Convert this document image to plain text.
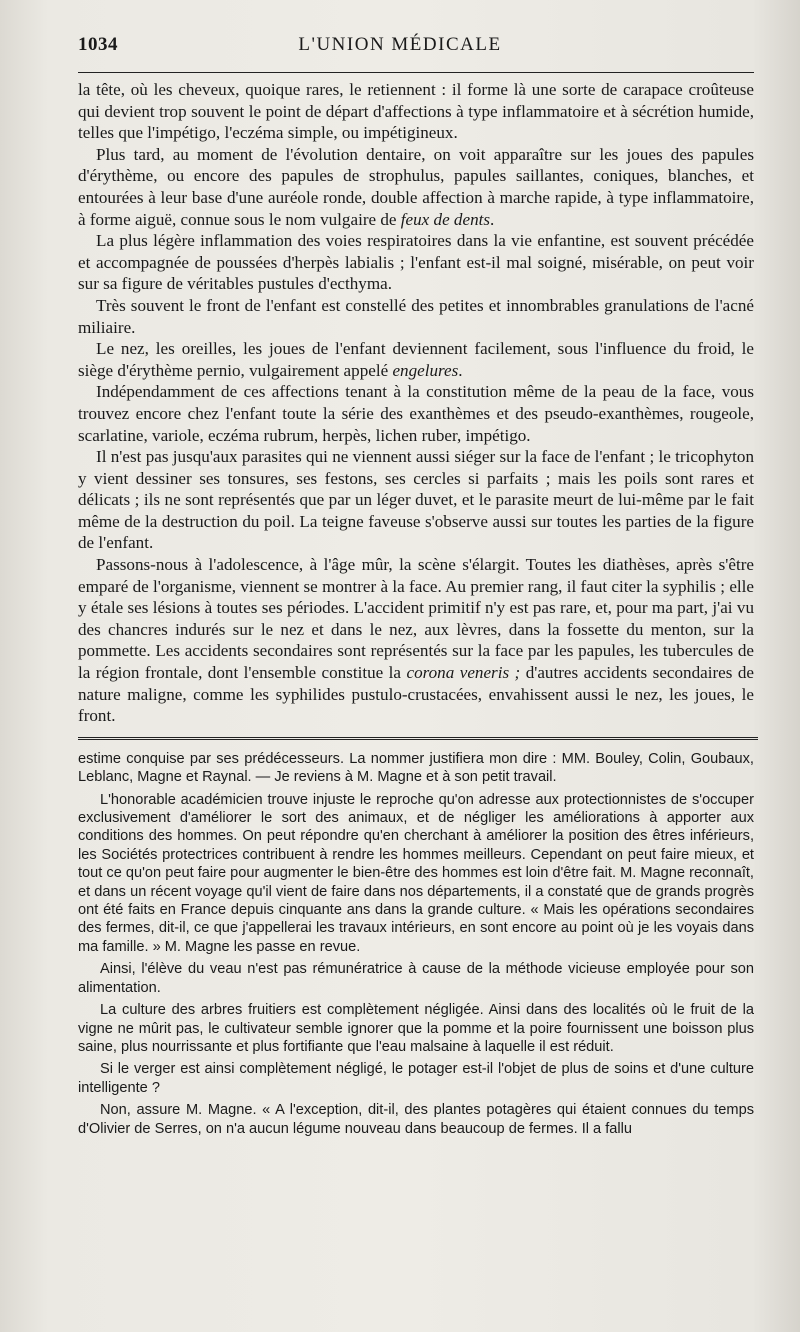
1034	L'UNION MÉDICALE

la tête, où les cheveux, quoique rares, le retiennent : il forme là une sorte de carapace croûteuse qui devient trop souvent le point de départ d'affections à type inflammatoire et à sécrétion humide, telles que l'impétigo, l'eczéma simple, ou impétigineux.

Plus tard, au moment de l'évolution dentaire, on voit apparaître sur les joues des papules d'érythème, ou encore des papules de strophulus, papules saillantes, coniques, blanches, et entourées à leur base d'une auréole ronde, double affection à marche rapide, à type inflammatoire, à forme aiguë, connue sous le nom vulgaire de feux de dents.

La plus légère inflammation des voies respiratoires dans la vie enfantine, est souvent précédée et accompagnée de poussées d'herpès labialis ; l'enfant est-il mal soigné, misérable, on peut voir sur sa figure de véritables pustules d'ecthyma.

Très souvent le front de l'enfant est constellé des petites et innombrables granulations de l'acné miliaire.

Le nez, les oreilles, les joues de l'enfant deviennent facilement, sous l'influence du froid, le siège d'érythème pernio, vulgairement appelé engelures.

Indépendamment de ces affections tenant à la constitution même de la peau de la face, vous trouvez encore chez l'enfant toute la série des exanthèmes et des pseudo-exanthèmes, rougeole, scarlatine, variole, eczéma rubrum, herpès, lichen ruber, impétigo.

Il n'est pas jusqu'aux parasites qui ne viennent aussi siéger sur la face de l'enfant ; le tricophyton y vient dessiner ses tonsures, ses festons, ses cercles si parfaits ; mais les poils sont rares et délicats ; ils ne sont représentés que par un léger duvet, et le parasite meurt de lui-même par le fait même de la destruction du poil. La teigne faveuse s'observe aussi sur toutes les parties de la figure de l'enfant.

Passons-nous à l'adolescence, à l'âge mûr, la scène s'élargit. Toutes les diathèses, après s'être emparé de l'organisme, viennent se montrer à la face. Au premier rang, il faut citer la syphilis ; elle y étale ses lésions à toutes ses périodes. L'accident primitif n'y est pas rare, et, pour ma part, j'ai vu des chancres indurés sur le nez et dans le nez, aux lèvres, dans la fossette du menton, sur la pommette. Les accidents secondaires sont représentés sur la face par les papules, les tubercules de la région frontale, dont l'ensemble constitue la corona veneris ; d'autres accidents secondaires de nature maligne, comme les syphilides pustulo-crustacées, envahissent aussi le nez, les joues, le front.

estime conquise par ses prédécesseurs. La nommer justifiera mon dire : MM. Bouley, Colin, Goubaux, Leblanc, Magne et Raynal. — Je reviens à M. Magne et à son petit travail.

L'honorable académicien trouve injuste le reproche qu'on adresse aux protectionnistes de s'occuper exclusivement d'améliorer le sort des animaux, et de négliger les améliorations à apporter aux conditions des hommes. On peut répondre qu'en cherchant à améliorer la position des êtres inférieurs, les Sociétés protectrices contribuent à rendre les hommes meilleurs. Cependant on peut faire mieux, et tout ce qu'on peut faire pour augmenter le bien-être des hommes est loin d'être fait. M. Magne reconnaît, et dans un récent voyage qu'il vient de faire dans nos départements, il a constaté que de grands progrès ont été faits en France depuis cinquante ans dans la grande culture. « Mais les opérations secondaires des fermes, dit-il, ce que j'appellerai les travaux intérieurs, en sont encore au point où je les voyais dans ma famille. » M. Magne les passe en revue.

Ainsi, l'élève du veau n'est pas rémunératrice à cause de la méthode vicieuse employée pour son alimentation.

La culture des arbres fruitiers est complètement négligée. Ainsi dans des localités où le fruit de la vigne ne mûrit pas, le cultivateur semble ignorer que la pomme et la poire fournissent une boisson plus saine, plus nourrissante et plus fortifiante que l'eau malsaine à laquelle il est réduit.

Si le verger est ainsi complètement négligé, le potager est-il l'objet de plus de soins et d'une culture intelligente ?

Non, assure M. Magne. « A l'exception, dit-il, des plantes potagères qui étaient connues du temps d'Olivier de Serres, on n'a aucun légume nouveau dans beaucoup de fermes. Il a fallu
